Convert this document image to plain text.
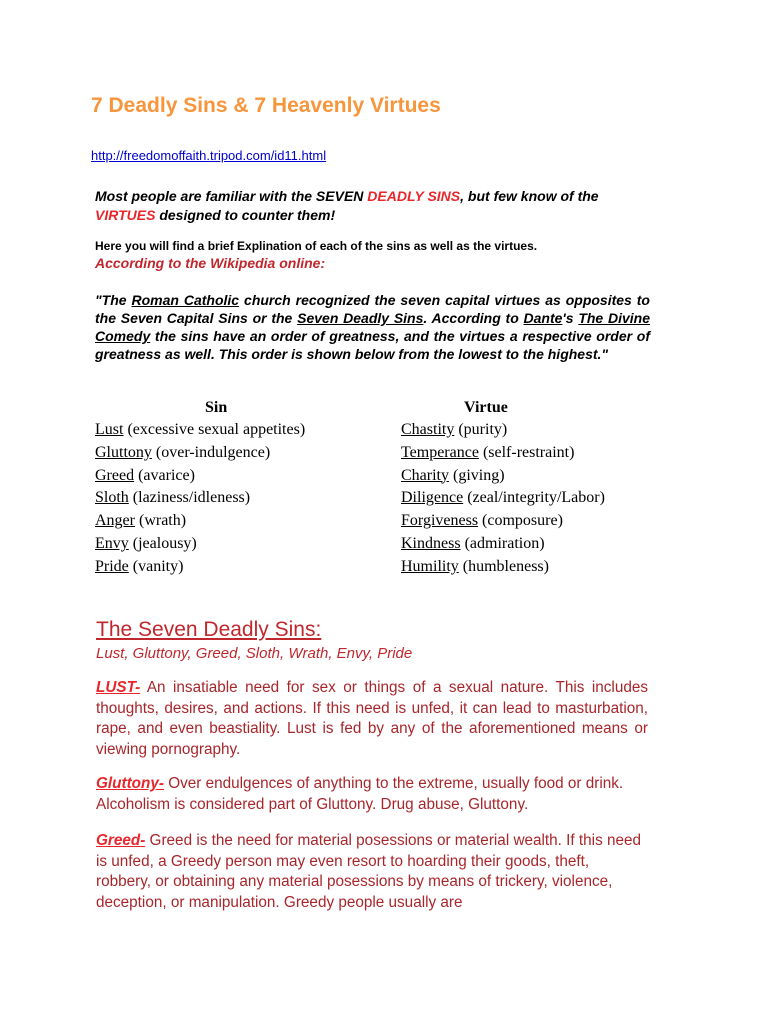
7 Deadly Sins & 7 Heavenly Virtues
http://freedomoffaith.tripod.com/id11.html

Most people are familiar with the SEVEN DEADLY SINS, but few know of the
VIRTUES designed to counter them!

Here you will find a brief Explination of each of the sins as well as the virtues.
According to the Wikipedia online:

"The Roman Catholic church recognized the seven capital virtues as opposites to the Seven Capital Sins or the Seven Deadly Sins. According to Dante's The Divine Comedy the sins have an order of greatness, and the virtues a respective order of greatness as well. This order is shown below from the lowest to the highest."

Sin	Virtue
Lust (excessive sexual appetites)	Chastity (purity)
Gluttony (over-indulgence)	Temperance (self-restraint)
Greed (avarice)	Charity (giving)
Sloth (laziness/idleness)	Diligence (zeal/integrity/Labor)
Anger (wrath)	Forgiveness (composure)
Envy (jealousy)	Kindness (admiration)
Pride (vanity)	Humility (humbleness)
The Seven Deadly Sins:
Lust, Gluttony, Greed, Sloth, Wrath, Envy, Pride

LUST- An insatiable need for sex or things of a sexual nature. This includes thoughts, desires, and actions. If this need is unfed, it can lead to masturbation, rape, and even beastiality. Lust is fed by any of the aforementioned means or viewing pornography.

Gluttony- Over endulgences of anything to the extreme, usually food or drink. Alcoholism is considered part of Gluttony. Drug abuse, Gluttony.

Greed- Greed is the need for material posessions or material wealth. If this need is unfed, a Greedy person may even resort to hoarding their goods, theft, robbery, or obtaining any material posessions by means of trickery, violence, deception, or manipulation. Greedy people usually are
